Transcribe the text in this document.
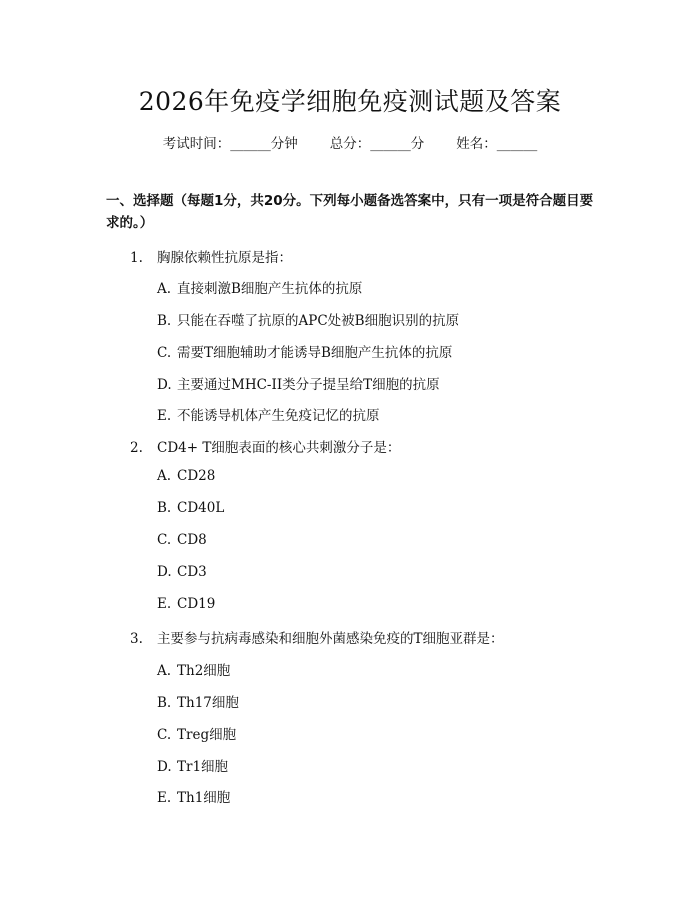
2026年免疫学细胞免疫测试题及答案
考试时间：______分钟 总分：______分 姓名：______
一、选择题（每题1分，共20分。下列每小题备选答案中，只有一项是符合题目要求的。）
1. 胸腺依赖性抗原是指：
A. 直接刺激B细胞产生抗体的抗原
B. 只能在吞噬了抗原的APC处被B细胞识别的抗原
C. 需要T细胞辅助才能诱导B细胞产生抗体的抗原
D. 主要通过MHC-II类分子提呈给T细胞的抗原
E. 不能诱导机体产生免疫记忆的抗原
2. CD4+ T细胞表面的核心共刺激分子是：
A. CD28
B. CD40L
C. CD8
D. CD3
E. CD19
3. 主要参与抗病毒感染和细胞外菌感染免疫的T细胞亚群是：
A. Th2细胞
B. Th17细胞
C. Treg细胞
D. Tr1细胞
E. Th1细胞
